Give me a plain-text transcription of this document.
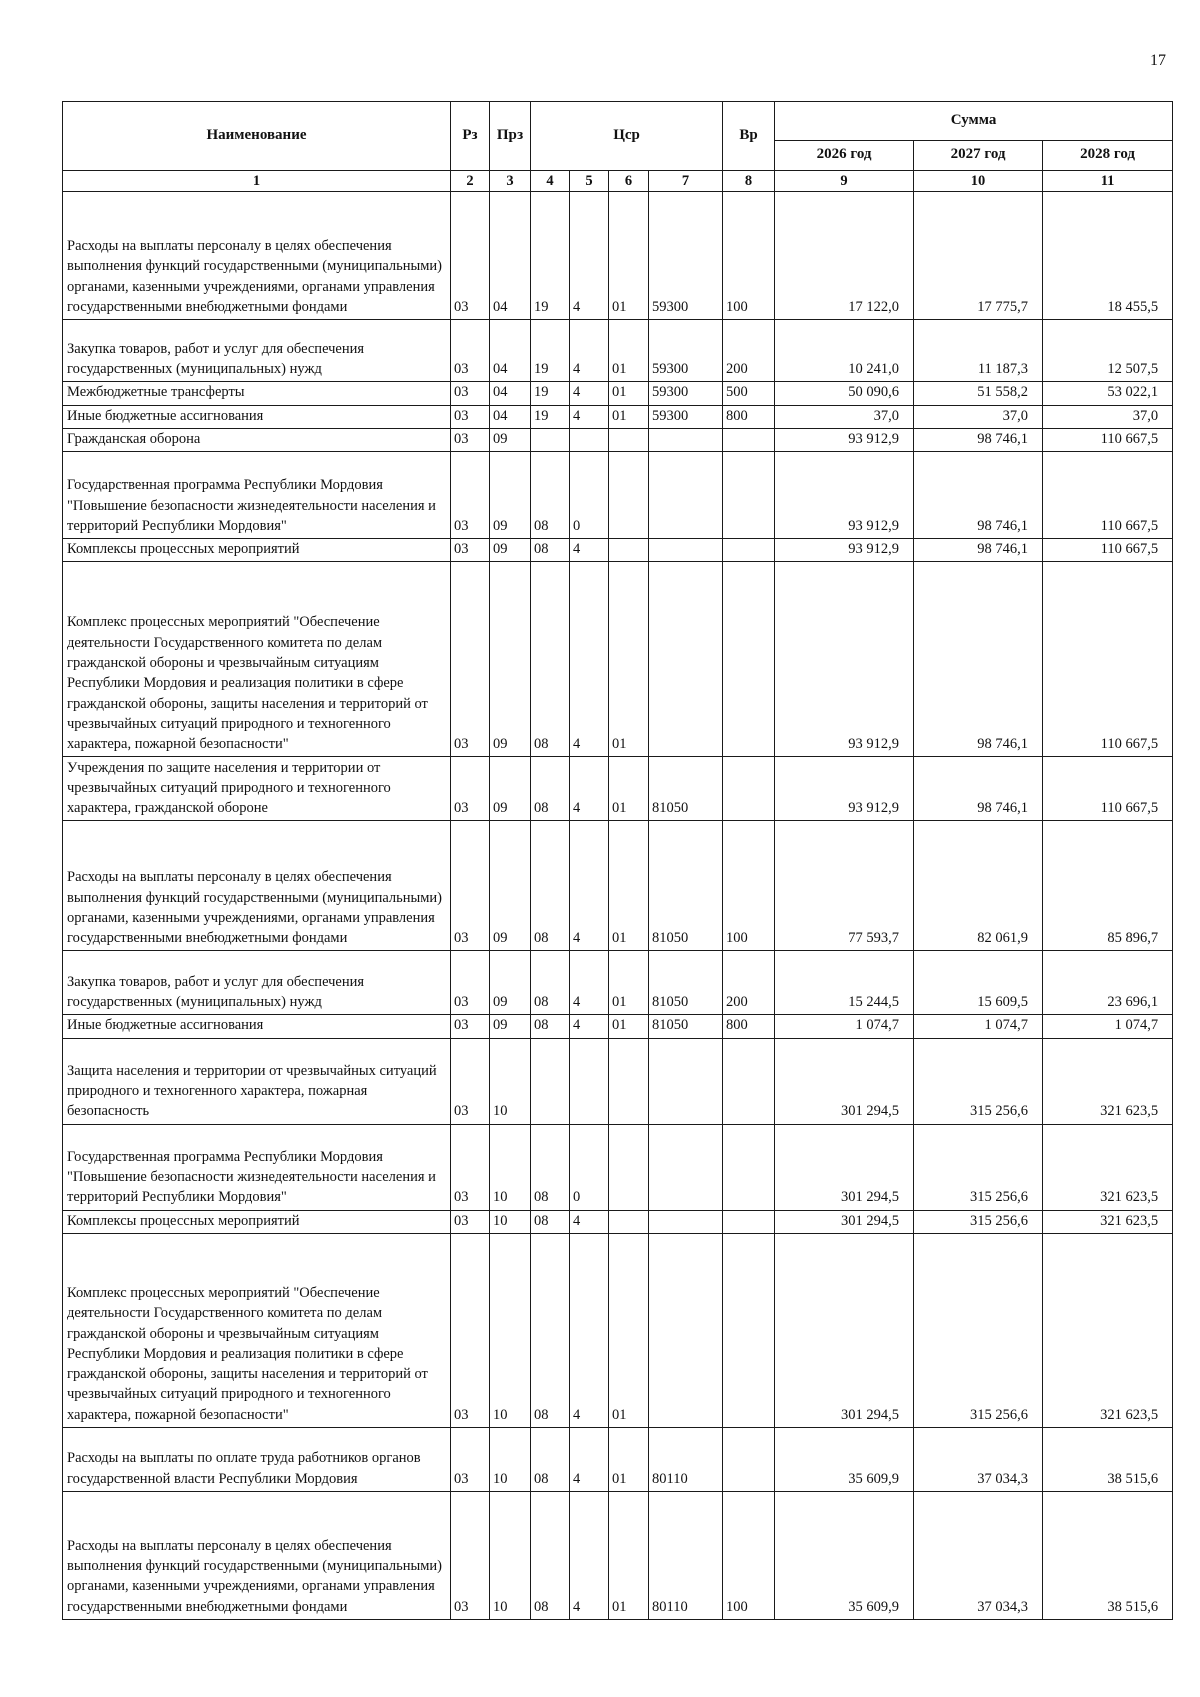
17
Наименование	Рз	Прз	Цср				Вр	Сумма		
								2026 год	2027 год	2028 год
1	2	3	4	5	6	7	8	9	10	11
Расходы на выплаты персоналу в целях обеспечения выполнения функций государственными (муниципальными) органами, казенными учреждениями, органами управления государственными внебюджетными фондами	03	04	19	4	01	59300	100	17 122,0	17 775,7	18 455,5
Закупка товаров, работ и услуг для обеспечения государственных (муниципальных) нужд	03	04	19	4	01	59300	200	10 241,0	11 187,3	12 507,5
Межбюджетные трансферты	03	04	19	4	01	59300	500	50 090,6	51 558,2	53 022,1
Иные бюджетные ассигнования	03	04	19	4	01	59300	800	37,0	37,0	37,0
Гражданская оборона	03	09						93 912,9	98 746,1	110 667,5
Государственная программа Республики Мордовия "Повышение безопасности жизнедеятельности населения и территорий Республики Мордовия"	03	09	08	0				93 912,9	98 746,1	110 667,5
Комплексы процессных мероприятий	03	09	08	4				93 912,9	98 746,1	110 667,5
Комплекс процессных мероприятий "Обеспечение деятельности Государственного комитета по делам гражданской обороны и чрезвычайным ситуациям Республики Мордовия и реализация политики в сфере гражданской обороны, защиты населения и территорий от чрезвычайных ситуаций природного и техногенного характера, пожарной безопасности"	03	09	08	4	01			93 912,9	98 746,1	110 667,5
Учреждения по защите населения и территории от чрезвычайных ситуаций природного и техногенного характера, гражданской обороне	03	09	08	4	01	81050		93 912,9	98 746,1	110 667,5
Расходы на выплаты персоналу в целях обеспечения выполнения функций государственными (муниципальными) органами, казенными учреждениями, органами управления государственными внебюджетными фондами	03	09	08	4	01	81050	100	77 593,7	82 061,9	85 896,7
Закупка товаров, работ и услуг для обеспечения государственных (муниципальных) нужд	03	09	08	4	01	81050	200	15 244,5	15 609,5	23 696,1
Иные бюджетные ассигнования	03	09	08	4	01	81050	800	1 074,7	1 074,7	1 074,7
Защита населения и территории от чрезвычайных ситуаций природного и техногенного характера, пожарная безопасность	03	10						301 294,5	315 256,6	321 623,5
Государственная программа Республики Мордовия "Повышение безопасности жизнедеятельности населения и территорий Республики Мордовия"	03	10	08	0				301 294,5	315 256,6	321 623,5
Комплексы процессных мероприятий	03	10	08	4				301 294,5	315 256,6	321 623,5
Комплекс процессных мероприятий "Обеспечение деятельности Государственного комитета по делам гражданской обороны и чрезвычайным ситуациям Республики Мордовия и реализация политики в сфере гражданской обороны, защиты населения и территорий от чрезвычайных ситуаций природного и техногенного характера, пожарной безопасности"	03	10	08	4	01			301 294,5	315 256,6	321 623,5
Расходы на выплаты по оплате труда работников органов государственной власти Республики Мордовия	03	10	08	4	01	80110		35 609,9	37 034,3	38 515,6
Расходы на выплаты персоналу в целях обеспечения выполнения функций государственными (муниципальными) органами, казенными учреждениями, органами управления государственными внебюджетными фондами	03	10	08	4	01	80110	100	35 609,9	37 034,3	38 515,6
